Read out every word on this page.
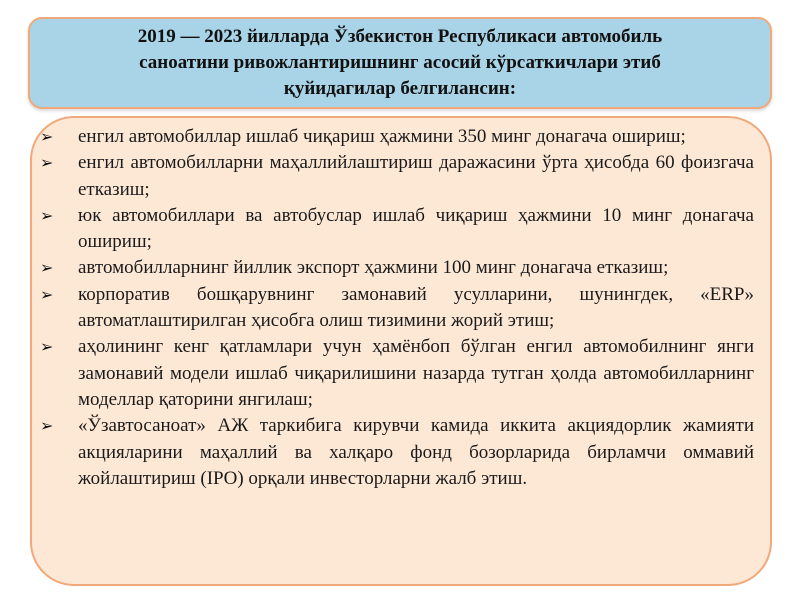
2019 — 2023 йилларда Ўзбекистон Республикаси автомобиль
саноатини ривожлантиришнинг асосий кўрсаткичлари этиб
қуйидагилар белгилансин:
➢	енгил автомобиллар ишлаб чиқариш ҳажмини 350 минг донагача ошириш;
➢	енгил автомобилларни маҳаллийлаштириш даражасини ўрта ҳисобда 60 фоизгача етказиш;
➢	юк автомобиллари ва автобуслар ишлаб чиқариш ҳажмини 10 минг донагача ошириш;
➢	автомобилларнинг йиллик экспорт ҳажмини 100 минг донагача етказиш;
➢	корпоратив бошқарувнинг замонавий усулларини, шунингдек, «ERP» автоматлаштирилган ҳисобга олиш тизимини жорий этиш;
➢	аҳолининг кенг қатламлари учун ҳамёнбоп бўлган енгил автомобилнинг янги замонавий модели ишлаб чиқарилишини назарда тутган ҳолда автомобилларнинг моделлар қаторини янгилаш;
➢	«Ўзавтосаноат» АЖ таркибига кирувчи камида иккита акциядорлик жамияти акцияларини маҳаллий ва халқаро фонд бозорларида бирламчи оммавий жойлаштириш (IPO) орқали инвесторларни жалб этиш.
